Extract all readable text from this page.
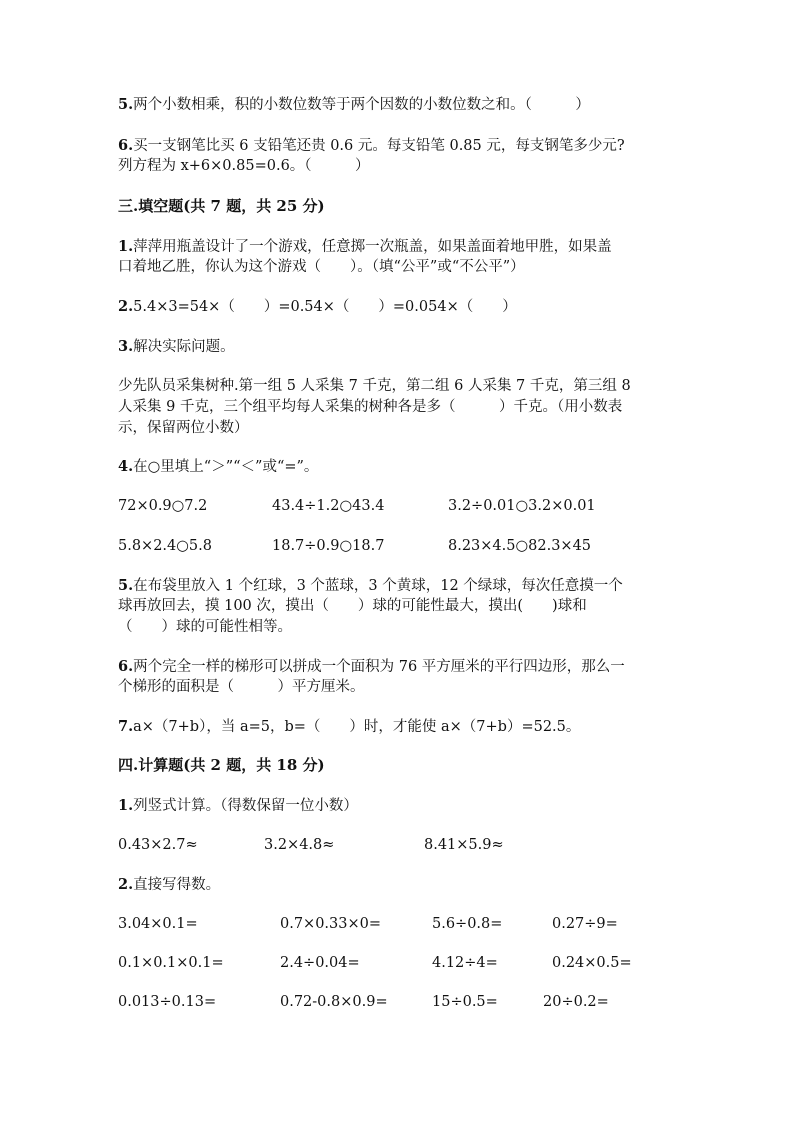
5.两个小数相乘，积的小数位数等于两个因数的小数位数之和。（　　　）

6.买一支钢笔比买 6 支铅笔还贵 0.6 元。每支铅笔 0.85 元，每支钢笔多少元?

列方程为 x+6×0.85=0.6。（　　　）

三.填空题(共 7 题，共 25 分)

1.萍萍用瓶盖设计了一个游戏，任意掷一次瓶盖，如果盖面着地甲胜，如果盖

口着地乙胜，你认为这个游戏（　　）。（填“公平”或“不公平”）

2.5.4×3=54×（　　）=0.54×（　　）=0.054×（　　）

3.解决实际问题。

少先队员采集树种.第一组 5 人采集 7 千克，第二组 6 人采集 7 千克，第三组 8

人采集 9 千克，三个组平均每人采集的树种各是多（　　　）千克。（用小数表

示，保留两位小数）

4.在○里填上“＞”“＜”或“=”。

72×0.9○7.2	43.4÷1.2○43.4	3.2÷0.01○3.2×0.01
5.8×2.4○5.8	18.7÷0.9○18.7	8.23×4.5○82.3×45

5.在布袋里放入 1 个红球，3 个蓝球，3 个黄球，12 个绿球，每次任意摸一个

球再放回去，摸 100 次，摸出（　　）球的可能性最大，摸出(　　)球和

（　　）球的可能性相等。

6.两个完全一样的梯形可以拼成一个面积为 76 平方厘米的平行四边形，那么一

个梯形的面积是（　　　）平方厘米。

7.a×（7+b），当 a=5，b=（　　）时，才能使 a×（7+b）=52.5。

四.计算题(共 2 题，共 18 分)

1.列竖式计算。（得数保留一位小数）

0.43×2.7≈	3.2×4.8≈	8.41×5.9≈

2.直接写得数。

3.04×0.1=	0.7×0.33×0=	5.6÷0.8=	0.27÷9=
0.1×0.1×0.1=	2.4÷0.04=	4.12÷4=	0.24×0.5=
0.013÷0.13=	0.72-0.8×0.9=	15÷0.5=	20÷0.2=
